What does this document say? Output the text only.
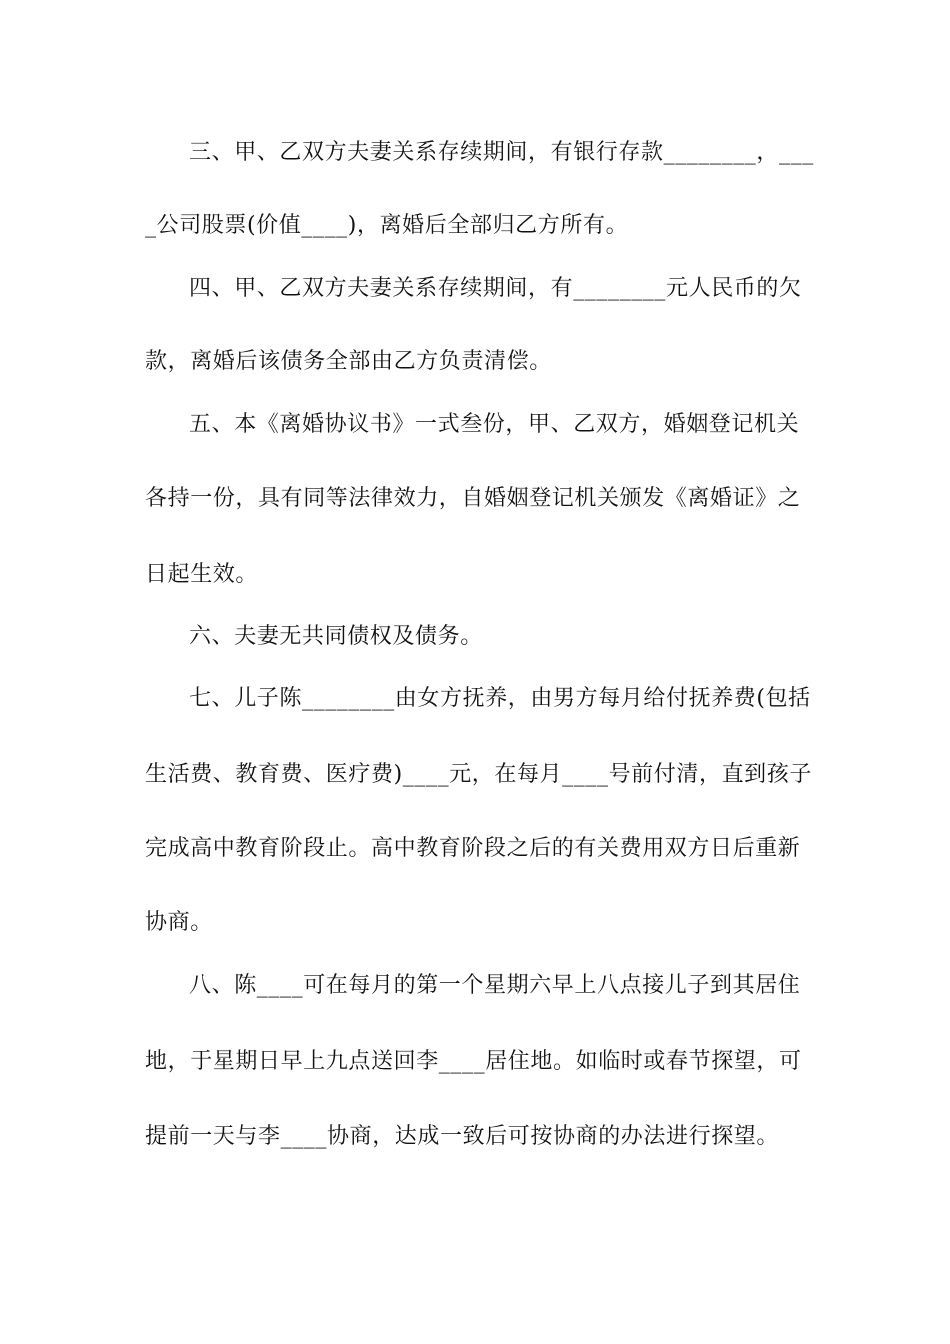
三、甲、乙双方夫妻关系存续期间，有银行存款________，___
_公司股票(价值____)，离婚后全部归乙方所有。
四、甲、乙双方夫妻关系存续期间，有________元人民币的欠
款，离婚后该债务全部由乙方负责清偿。
五、本《离婚协议书》一式叁份，甲、乙双方，婚姻登记机关
各持一份，具有同等法律效力，自婚姻登记机关颁发《离婚证》之
日起生效。
六、夫妻无共同债权及债务。
七、儿子陈________由女方抚养，由男方每月给付抚养费(包括
生活费、教育费、医疗费)____元，在每月____号前付清，直到孩子
完成高中教育阶段止。高中教育阶段之后的有关费用双方日后重新
协商。
八、陈____可在每月的第一个星期六早上八点接儿子到其居住
地，于星期日早上九点送回李____居住地。如临时或春节探望，可
提前一天与李____协商，达成一致后可按协商的办法进行探望。
